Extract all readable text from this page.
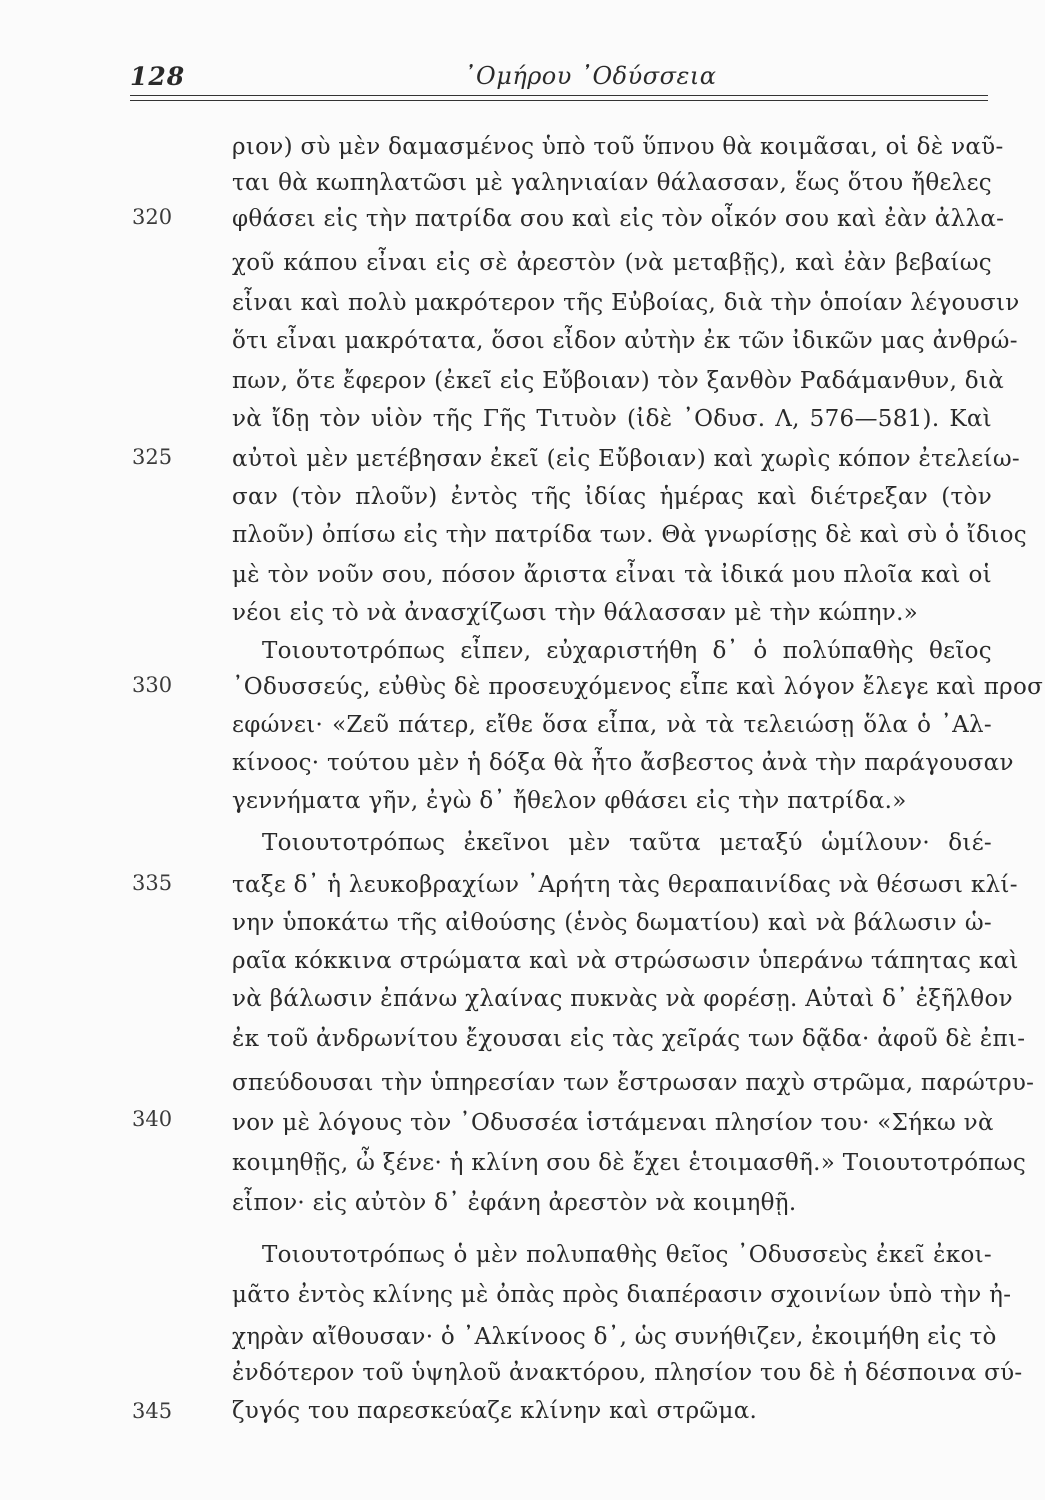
128	᾿Ομήρου ᾿Οδύσσεια
320
325
330
335
340
345
ριον) σὺ μὲν δαμασμένος ὑπὸ τοῦ ὕπνου θὰ κοιμᾶσαι, οἱ δὲ ναῦ-
ται θὰ κωπηλατῶσι μὲ γαληνιαίαν θάλασσαν, ἕως ὅτου ἤθελες
φθάσει εἰς τὴν πατρίδα σου καὶ εἰς τὸν οἶκόν σου καὶ ἐὰν ἀλλα-
χοῦ κάπου εἶναι εἰς σὲ ἀρεστὸν (νὰ μεταβῇς), καὶ ἐὰν βεβαίως
εἶναι καὶ πολὺ μακρότερον τῆς Εὐβοίας, διὰ τὴν ὁποίαν λέγουσιν
ὅτι εἶναι μακρότατα, ὅσοι εἶδον αὐτὴν ἐκ τῶν ἰδικῶν μας ἀνθρώ-
πων, ὅτε ἔφερον (ἐκεῖ εἰς Εὔβοιαν) τὸν ξανθὸν Ραδάμανθυν, διὰ
νὰ ἴδῃ τὸν υἱὸν τῆς Γῆς Τιτυὸν (ἰδὲ ᾿Οδυσ. Λ, 576—581). Καὶ
αὐτοὶ μὲν μετέβησαν ἐκεῖ (εἰς Εὔβοιαν) καὶ χωρὶς κόπον ἐτελείω-
σαν (τὸν πλοῦν) ἐντὸς τῆς ἰδίας ἡμέρας καὶ διέτρεξαν (τὸν
πλοῦν) ὀπίσω εἰς τὴν πατρίδα των. Θὰ γνωρίσῃς δὲ καὶ σὺ ὁ ἴδιος
μὲ τὸν νοῦν σου, πόσον ἄριστα εἶναι τὰ ἰδικά μου πλοῖα καὶ οἱ
νέοι εἰς τὸ νὰ ἀνασχίζωσι τὴν θάλασσαν μὲ τὴν κώπην.»
Τοιουτοτρόπως εἶπεν, εὐχαριστήθη δ᾿ ὁ πολύπαθὴς θεῖος
᾿Οδυσσεύς, εὐθὺς δὲ προσευχόμενος εἶπε καὶ λόγον ἔλεγε καὶ προσ
εφώνει· «Ζεῦ πάτερ, εἴθε ὅσα εἶπα, νὰ τὰ τελειώσῃ ὅλα ὁ ᾿Αλ-
κίνοος· τούτου μὲν ἡ δόξα θὰ ἦτο ἄσβεστος ἀνὰ τὴν παράγουσαν
γεννήματα γῆν, ἐγὼ δ᾿ ἤθελον φθάσει εἰς τὴν πατρίδα.»
Τοιουτοτρόπως ἐκεῖνοι μὲν ταῦτα μεταξύ ὡμίλουν· διέ-
ταξε δ᾿ ἡ λευκοβραχίων ᾿Αρήτη τὰς θεραπαινίδας νὰ θέσωσι κλί-
νην ὑποκάτω τῆς αἰθούσης (ἑνὸς δωματίου) καὶ νὰ βάλωσιν ὡ-
ραῖα κόκκινα στρώματα καὶ νὰ στρώσωσιν ὑπεράνω τάπητας καὶ
νὰ βάλωσιν ἐπάνω χλαίνας πυκνὰς νὰ φορέσῃ. Αὐταὶ δ᾿ ἐξῆλθον
ἐκ τοῦ ἀνδρωνίτου ἔχουσαι εἰς τὰς χεῖράς των δᾷδα· ἀφοῦ δὲ ἐπι-
σπεύδουσαι τὴν ὑπηρεσίαν των ἔστρωσαν παχὺ στρῶμα, παρώτρυ-
νον μὲ λόγους τὸν ᾿Οδυσσέα ἱστάμεναι πλησίον του· «Σήκω νὰ
κοιμηθῇς, ὦ ξένε· ἡ κλίνη σου δὲ ἔχει ἑτοιμασθῆ.» Τοιουτοτρόπως
εἶπον· εἰς αὐτὸν δ᾿ ἐφάνη ἀρεστὸν νὰ κοιμηθῇ.
Τοιουτοτρόπως ὁ μὲν πολυπαθὴς θεῖος ᾿Οδυσσεὺς ἐκεῖ ἐκοι-
μᾶτο ἐντὸς κλίνης μὲ ὀπὰς πρὸς διαπέρασιν σχοινίων ὑπὸ τὴν ἠ-
χηρὰν αἴθουσαν· ὁ ᾿Αλκίνοος δ᾿, ὡς συνήθιζεν, ἐκοιμήθη εἰς τὸ
ἐνδότερον τοῦ ὑψηλοῦ ἀνακτόρου, πλησίον του δὲ ἡ δέσποινα σύ-
ζυγός του παρεσκεύαζε κλίνην καὶ στρῶμα.
